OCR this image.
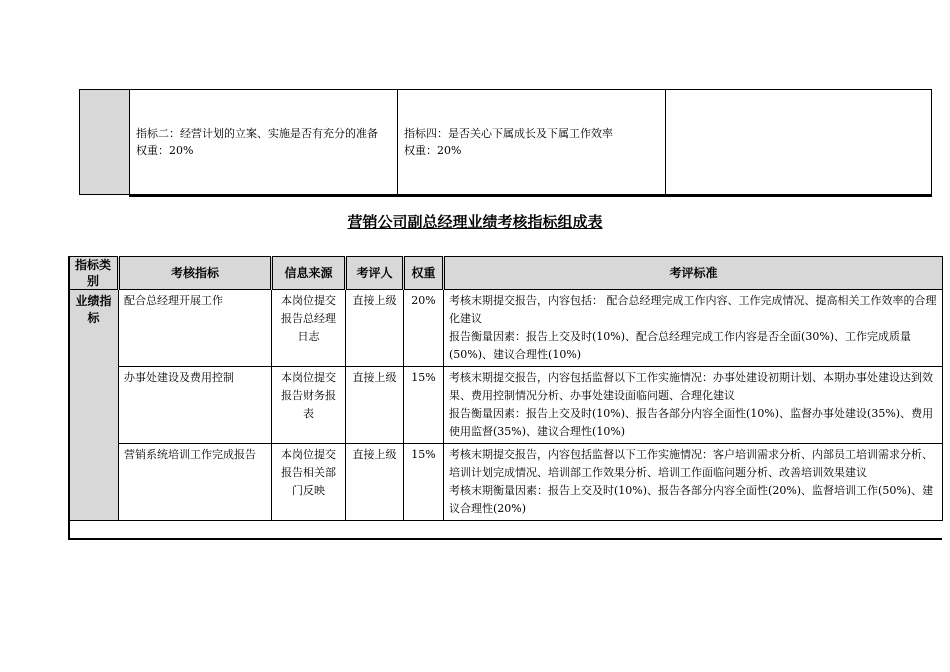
指标二：经营计划的立案、实施是否有充分的准备
权重：20%

指标四：是否关心下属成长及下属工作效率
权重：20%

营销公司副总经理业绩考核指标组成表
指标类别	考核指标	信息来源	考评人	权重	考评标准
业绩指标	配合总经理开展工作	本岗位提交报告总经理日志	直接上级	20%	考核末期提交报告，内容包括： 配合总经理完成工作内容、工作完成情况、提高相关工作效率的合理化建议
报告衡量因素：报告上交及时(10%)、配合总经理完成工作内容是否全面(30%)、工作完成质量(50%)、建议合理性(10%)

	办事处建设及费用控制	本岗位提交报告财务报表	直接上级	15%	考核末期提交报告，内容包括监督以下工作实施情况：办事处建设初期计划、本期办事处建设达到效果、费用控制情况分析、办事处建设面临问题、合理化建议
报告衡量因素：报告上交及时(10%)、报告各部分内容全面性(10%)、监督办事处建设(35%)、费用使用监督(35%)、建议合理性(10%)

	营销系统培训工作完成报告	本岗位提交报告相关部门反映	直接上级	15%	考核末期提交报告，内容包括监督以下工作实施情况：客户培训需求分析、内部员工培训需求分析、培训计划完成情况、培训部工作效果分析、培训工作面临问题分析、改善培训效果建议
考核末期衡量因素：报告上交及时(10%)、报告各部分内容全面性(20%)、监督培训工作(50%)、建议合理性(20%)
